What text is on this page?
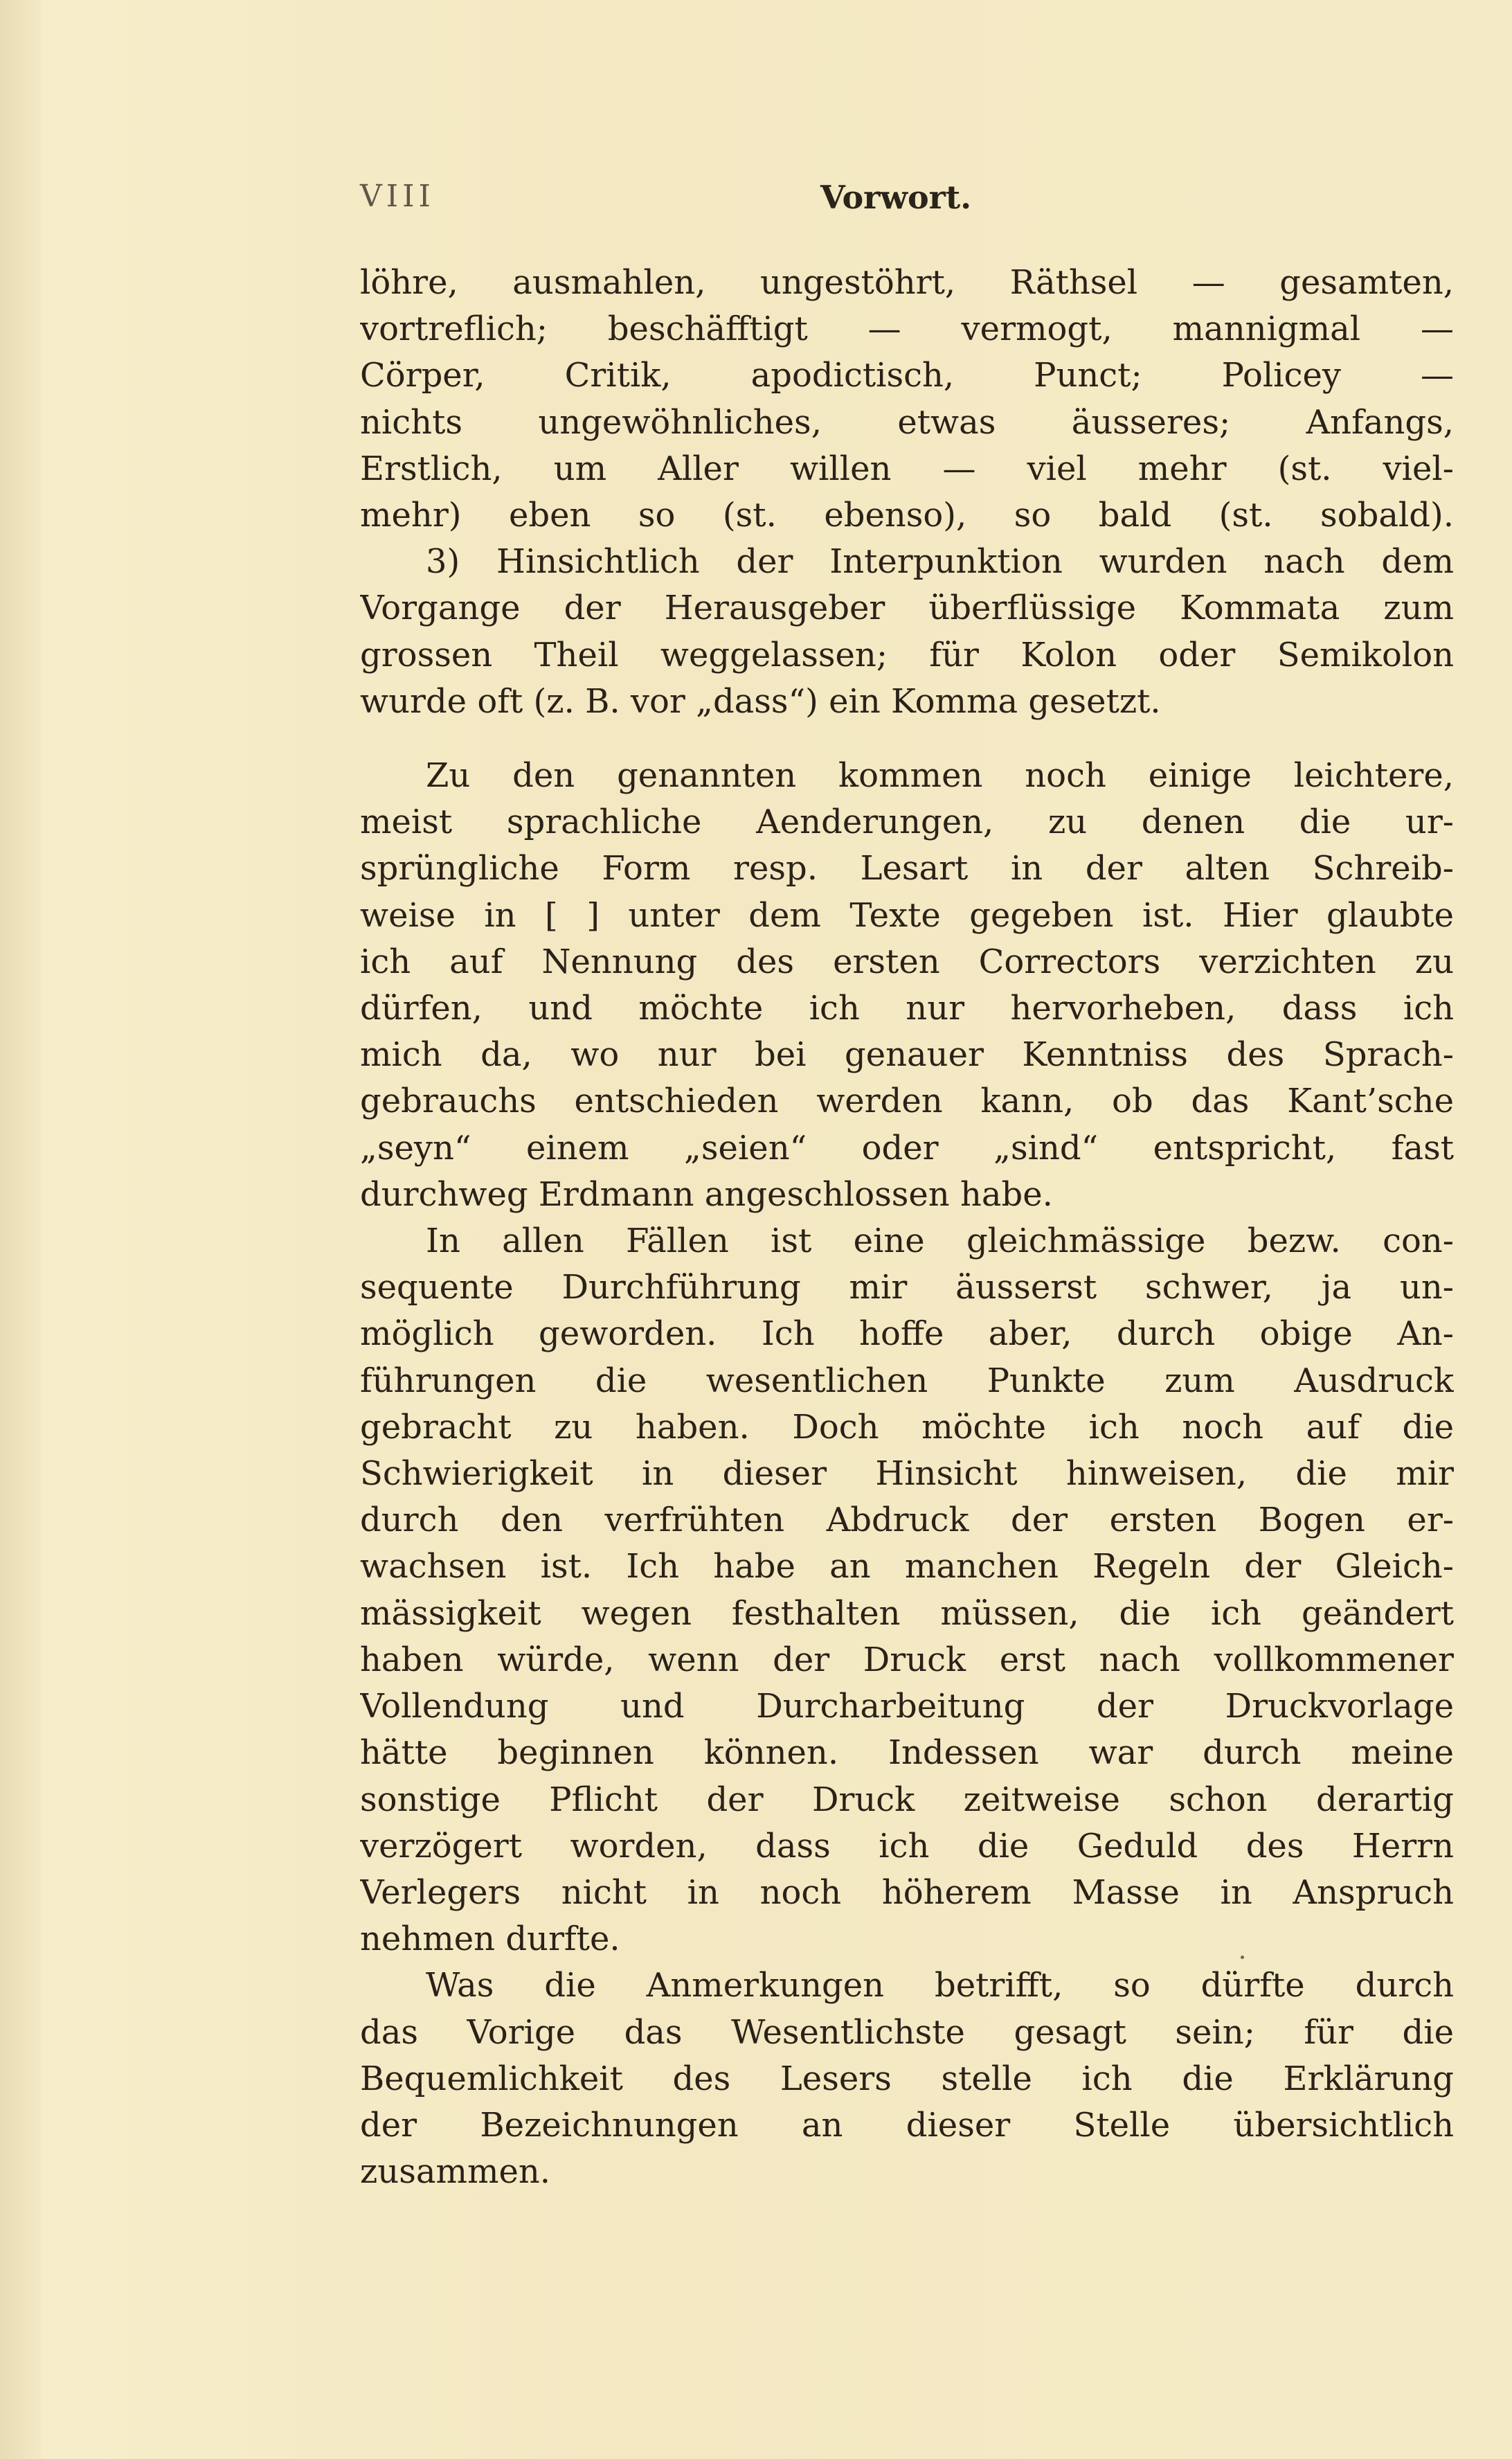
VIII	Vorwort.
löhre, ausmahlen, ungestöhrt, Räthsel — gesamten,
vortreflich; beschäfftigt — vermogt, mannigmal —
Cörper, Critik, apodictisch, Punct; Policey —
nichts ungewöhnliches, etwas äusseres; Anfangs,
Erstlich, um Aller willen — viel mehr (st. viel-
mehr) eben so (st. ebenso), so bald (st. sobald).
3) Hinsichtlich der Interpunktion wurden nach dem
Vorgange der Herausgeber überflüssige Kommata zum
grossen Theil weggelassen; für Kolon oder Semikolon
wurde oft (z. B. vor „dass“) ein Komma gesetzt.
Zu den genannten kommen noch einige leichtere,
meist sprachliche Aenderungen, zu denen die ur-
sprüngliche Form resp. Lesart in der alten Schreib-
weise in [ ] unter dem Texte gegeben ist. Hier glaubte
ich auf Nennung des ersten Correctors verzichten zu
dürfen, und möchte ich nur hervorheben, dass ich
mich da, wo nur bei genauer Kenntniss des Sprach-
gebrauchs entschieden werden kann, ob das Kant’sche
„seyn“ einem „seien“ oder „sind“ entspricht, fast
durchweg Erdmann angeschlossen habe.
In allen Fällen ist eine gleichmässige bezw. con-
sequente Durchführung mir äusserst schwer, ja un-
möglich geworden. Ich hoffe aber, durch obige An-
führungen die wesentlichen Punkte zum Ausdruck
gebracht zu haben. Doch möchte ich noch auf die
Schwierigkeit in dieser Hinsicht hinweisen, die mir
durch den verfrühten Abdruck der ersten Bogen er-
wachsen ist. Ich habe an manchen Regeln der Gleich-
mässigkeit wegen festhalten müssen, die ich geändert
haben würde, wenn der Druck erst nach vollkommener
Vollendung und Durcharbeitung der Druckvorlage
hätte beginnen können. Indessen war durch meine
sonstige Pflicht der Druck zeitweise schon derartig
verzögert worden, dass ich die Geduld des Herrn
Verlegers nicht in noch höherem Masse in Anspruch
nehmen durfte.
Was die Anmerkungen betrifft, so dürfte durch
das Vorige das Wesentlichste gesagt sein; für die
Bequemlichkeit des Lesers stelle ich die Erklärung
der Bezeichnungen an dieser Stelle übersichtlich
zusammen.
